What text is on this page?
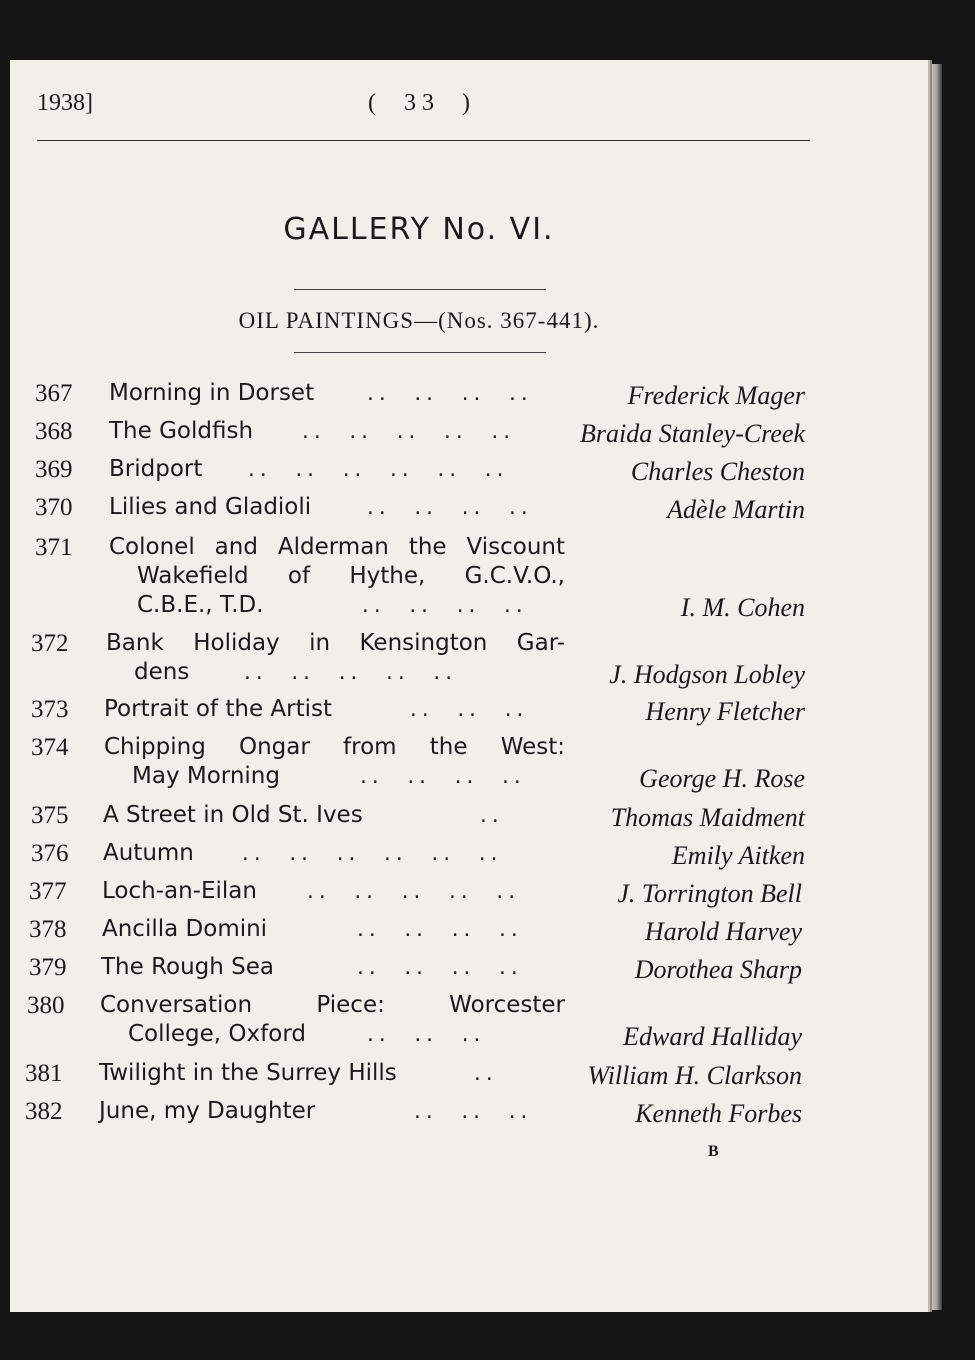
1938]	( 33 )
GALLERY No. VI.
OIL PAINTINGS—(Nos. 367-441).
367	Morning in Dorset	..  ..  ..  ..	Frederick Mager
368	The Goldfish	..  ..  ..  ..  ..	Braida Stanley-Creek
369	Bridport ..  ..  ..  ..  ..  ..	Charles Cheston
370	Lilies and Gladioli	..  ..  ..  ..	Adèle Martin
371	Colonel and Alderman the Viscount
Wakefield of Hythe, G.C.V.O.,
C.B.E., T.D.	..  ..  ..  ..	I. M. Cohen
372	Bank Holiday in Kensington Gar-
dens	..  ..  ..  ..  ..	J. Hodgson Lobley
373	Portrait of the Artist	..  ..  ..	Henry Fletcher
374	Chipping Ongar from the West:
May Morning	..  ..  ..  ..	George H. Rose
375	A Street in Old St. Ives	..	Thomas Maidment
376	Autumn	..  ..  ..  ..  ..  ..	Emily Aitken
377	Loch-an-Eilan	..  ..  ..  ..  ..	J. Torrington Bell
378	Ancilla Domini	..  ..  ..  ..	Harold Harvey
379	The Rough Sea	..  ..  ..  ..	Dorothea Sharp
380	Conversation Piece: Worcester
College, Oxford	..  ..  ..	Edward Halliday
381	Twilight in the Surrey Hills	..	William H. Clarkson
382	June, my Daughter	..  ..  ..	Kenneth Forbes
B
